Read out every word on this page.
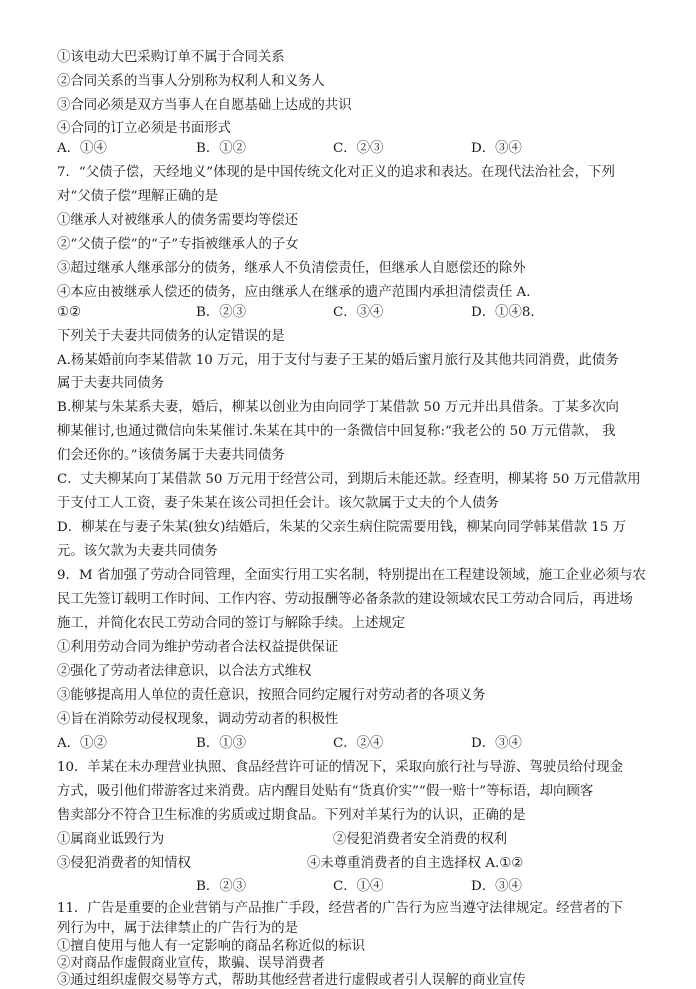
①该电动大巴采购订单不属于合同关系
②合同关系的当事人分别称为权利人和义务人
③合同必须是双方当事人在自愿基础上达成的共识
④合同的订立必须是书面形式
A．①④	B．①②	C．②③	D．③④
7．“父债子偿，天经地义”体现的是中国传统文化对正义的追求和表达。在现代法治社会，下列
对“父债子偿”理解正确的是
①继承人对被继承人的债务需要均等偿还
②“父债子偿”的“子”专指被继承人的子女
③超过继承人继承部分的债务，继承人不负清偿责任，但继承人自愿偿还的除外
④本应由被继承人偿还的债务，应由继承人在继承的遗产范围内承担清偿责任 A.
①②	B．②③	C．③④	D．①④8.
下列关于夫妻共同债务的认定错误的是
A.杨某婚前向李某借款 10 万元，用于支付与妻子王某的婚后蜜月旅行及其他共同消费，此债务
属于夫妻共同债务
B.柳某与朱某系夫妻，婚后，柳某以创业为由向同学丁某借款 50 万元并出具借条。丁某多次向
柳某催讨,也通过微信向朱某催讨.朱某在其中的一条微信中回复称:“我老公的 50 万元借款， 我
们会还你的。”该债务属于夫妻共同债务
C．丈夫柳某向丁某借款 50 万元用于经营公司，到期后未能还款。经查明，柳某将 50 万元借款用
于支付工人工资，妻子朱某在该公司担任会计。该欠款属于丈夫的个人债务
D．柳某在与妻子朱某(独女)结婚后，朱某的父亲生病住院需要用钱，柳某向同学韩某借款 15 万
元。该欠款为夫妻共同债务
9．M 省加强了劳动合同管理，全面实行用工实名制，特别提出在工程建设领域，施工企业必须与农
民工先签订载明工作时间、工作内容、劳动报酬等必备条款的建设领域农民工劳动合同后，再进场
施工，并简化农民工劳动合同的签订与解除手续。上述规定
①利用劳动合同为维护劳动者合法权益提供保证
②强化了劳动者法律意识，以合法方式维权
③能够提高用人单位的责任意识，按照合同约定履行对劳动者的各项义务
④旨在消除劳动侵权现象，调动劳动者的积极性
A．①②	B．①③	C．②④	D．③④
10．羊某在未办理营业执照、食品经营许可证的情况下，采取向旅行社与导游、驾驶员给付现金
方式，吸引他们带游客过来消费。店内醒目处贴有“货真价实”“假一赔十”等标语，却向顾客
售卖部分不符合卫生标准的劣质或过期食品。下列对羊某行为的认识，正确的是
①属商业诋毁行为	②侵犯消费者安全消费的权利
③侵犯消费者的知情权	④未尊重消费者的自主选择权 A.①②
B．②③	C．①④	D．③④
11．广告是重要的企业营销与产品推广手段，经营者的广告行为应当遵守法律规定。经营者的下
列行为中，属于法律禁止的广告行为的是
①擅自使用与他人有一定影响的商品名称近似的标识
②对商品作虚假商业宣传，欺骗、误导消费者
③通过组织虚假交易等方式，帮助其他经营者进行虚假或者引人误解的商业宣传
